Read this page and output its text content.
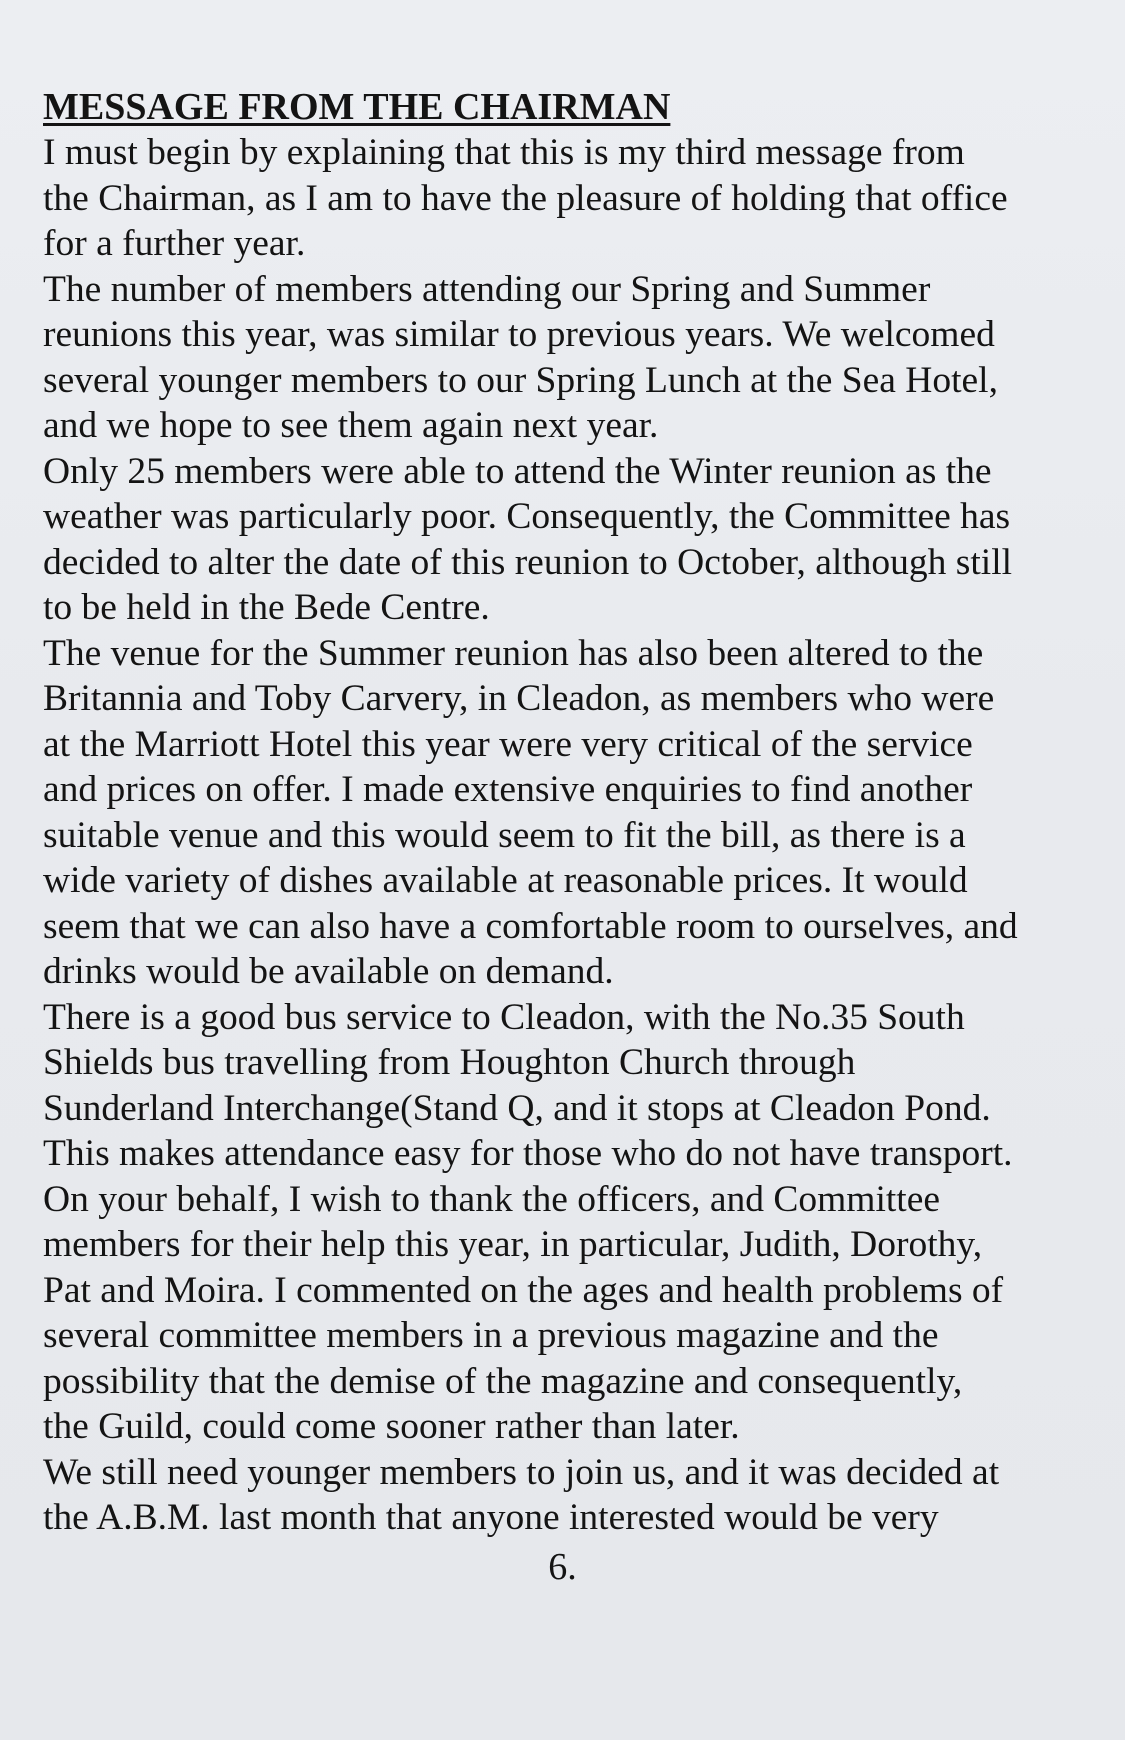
MESSAGE FROM THE CHAIRMAN

I must begin by explaining that this is my third message from

the Chairman, as I am to have the pleasure of holding that office

for a further year.

The number of members attending our Spring and Summer

reunions this year, was similar to previous years. We welcomed

several younger members to our Spring Lunch at the Sea Hotel,

and we hope to see them again next year.

Only 25 members were able to attend the Winter reunion as the

weather was particularly poor. Consequently, the Committee has

decided to alter the date of this reunion to October, although still

to be held in the Bede Centre.

The venue for the Summer reunion has also been altered to the

Britannia and Toby Carvery, in Cleadon, as members who were

at the Marriott Hotel this year were very critical of the service

and prices on offer. I made extensive enquiries to find another

suitable venue and this would seem to fit the bill, as there is a

wide variety of dishes available at reasonable prices. It would

seem that we can also have a comfortable room to ourselves, and

drinks would be available on demand.

There is a good bus service to Cleadon, with the No.35 South

Shields bus travelling from Houghton Church through

Sunderland Interchange(Stand Q, and it stops at Cleadon Pond.

This makes attendance easy for those who do not have transport.

On your behalf, I wish to thank the officers, and Committee

members for their help this year, in particular, Judith, Dorothy,

Pat and Moira. I commented on the ages and health problems of

several committee members in a previous magazine and the

possibility that the demise of the magazine and consequently,

the Guild, could come sooner rather than later.

We still need younger members to join us, and it was decided at

the A.B.M. last month that anyone interested would be very

6.
